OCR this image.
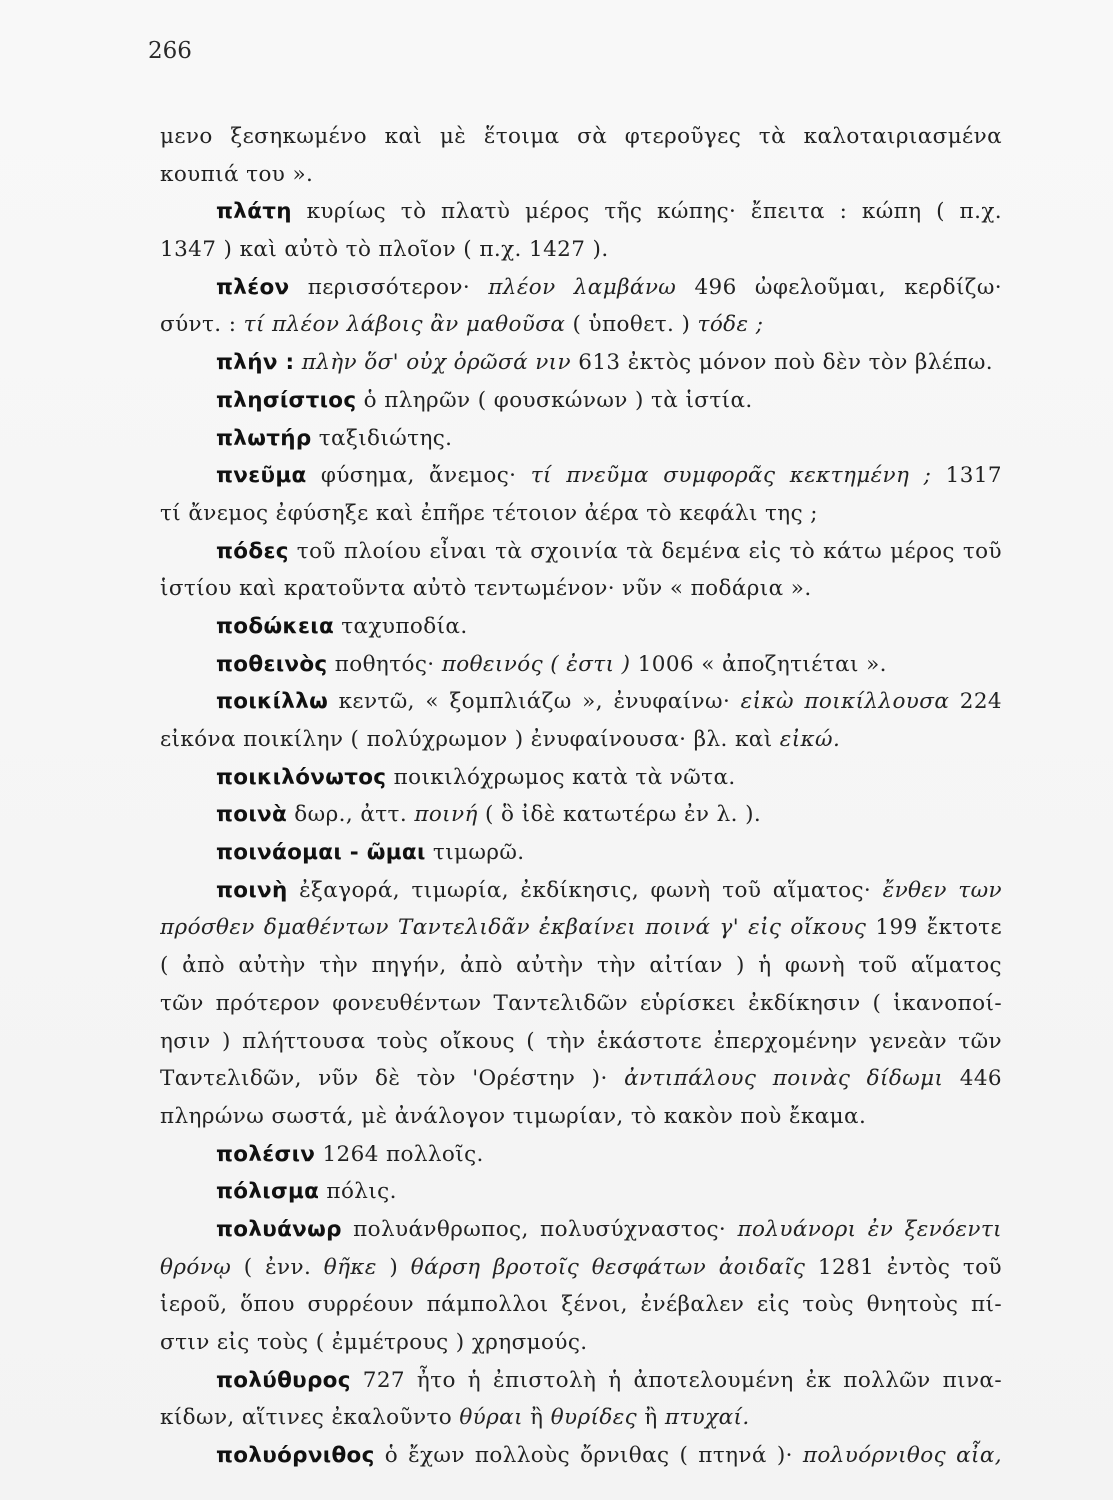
266
μενο ξεσηκωμένο καὶ μὲ ἕτοιμα σὰ φτεροῦγες τὰ καλοταιριασμένα
κουπιά του ».
πλάτη κυρίως τὸ πλατὺ μέρος τῆς κώπης· ἔπειτα : κώπη ( π.χ.
1347 ) καὶ αὐτὸ τὸ πλοῖον ( π.χ. 1427 ).
πλέον περισσότερον· πλέον λαμβάνω 496 ὠφελοῦμαι, κερδίζω·
σύντ. : τί πλέον λάβοις ἂν μαθοῦσα ( ὑποθετ. ) τόδε ;
πλήν : πλὴν ὅσ' οὐχ ὁρῶσά νιν 613 ἐκτὸς μόνον ποὺ δὲν τὸν βλέπω.
πλησίστιος ὁ πληρῶν ( φουσκώνων ) τὰ ἱστία.
πλωτήρ ταξιδιώτης.
πνεῦμα φύσημα, ἄνεμος· τί πνεῦμα συμφορᾶς κεκτημένη ; 1317
τί ἄνεμος ἐφύσηξε καὶ ἐπῆρε τέτοιον ἀέρα τὸ κεφάλι της ;
πόδες τοῦ πλοίου εἶναι τὰ σχοινία τὰ δεμένα εἰς τὸ κάτω μέρος τοῦ
ἱστίου καὶ κρατοῦντα αὐτὸ τεντωμένον· νῦν « ποδάρια ».
ποδώκεια ταχυποδία.
ποθεινὸς ποθητός· ποθεινός ( ἐστι ) 1006 « ἀποζητιέται ».
ποικίλλω κεντῶ, « ξομπλιάζω », ἐνυφαίνω· εἰκὼ ποικίλλουσα 224
εἰκόνα ποικίλην ( πολύχρωμον ) ἐνυφαίνουσα· βλ. καὶ εἰκώ.
ποικιλόνωτος ποικιλόχρωμος κατὰ τὰ νῶτα.
ποινὰ δωρ., ἀττ. ποινή ( ὃ ἰδὲ κατωτέρω ἐν λ. ).
ποινάομαι - ῶμαι τιμωρῶ.
ποινὴ ἐξαγορά, τιμωρία, ἐκδίκησις, φωνὴ τοῦ αἵματος· ἔνθεν των
πρόσθεν δμαθέντων Ταντελιδᾶν ἐκβαίνει ποινά γ' εἰς οἴκους 199 ἔκτοτε
( ἀπὸ αὐτὴν τὴν πηγήν, ἀπὸ αὐτὴν τὴν αἰτίαν ) ἡ φωνὴ τοῦ αἵματος
τῶν πρότερον φονευθέντων Ταντελιδῶν εὑρίσκει ἐκδίκησιν ( ἱκανοποί-
ησιν ) πλήττουσα τοὺς οἴκους ( τὴν ἑκάστοτε ἐπερχομένην γενεὰν τῶν
Ταντελιδῶν, νῦν δὲ τὸν 'Ορέστην )· ἀντιπάλους ποινὰς δίδωμι 446
πληρώνω σωστά, μὲ ἀνάλογον τιμωρίαν, τὸ κακὸν ποὺ ἔκαμα.
πολέσιν 1264 πολλοῖς.
πόλισμα πόλις.
πολυάνωρ πολυάνθρωπος, πολυσύχναστος· πολυάνορι ἐν ξενόεντι
θρόνῳ ( ἐνν. θῆκε ) θάρση βροτοῖς θεσφάτων ἀοιδαῖς 1281 ἐντὸς τοῦ
ἱεροῦ, ὅπου συρρέουν πάμπολλοι ξένοι, ἐνέβαλεν εἰς τοὺς θνητοὺς πί-
στιν εἰς τοὺς ( ἐμμέτρους ) χρησμούς.
πολύθυρος 727 ἦτο ἡ ἐπιστολὴ ἡ ἀποτελουμένη ἐκ πολλῶν πινα-
κίδων, αἵτινες ἐκαλοῦντο θύραι ἢ θυρίδες ἢ πτυχαί.
πολυόρνιθος ὁ ἔχων πολλοὺς ὄρνιθας ( πτηνά )· πολυόρνιθος αἶα,
